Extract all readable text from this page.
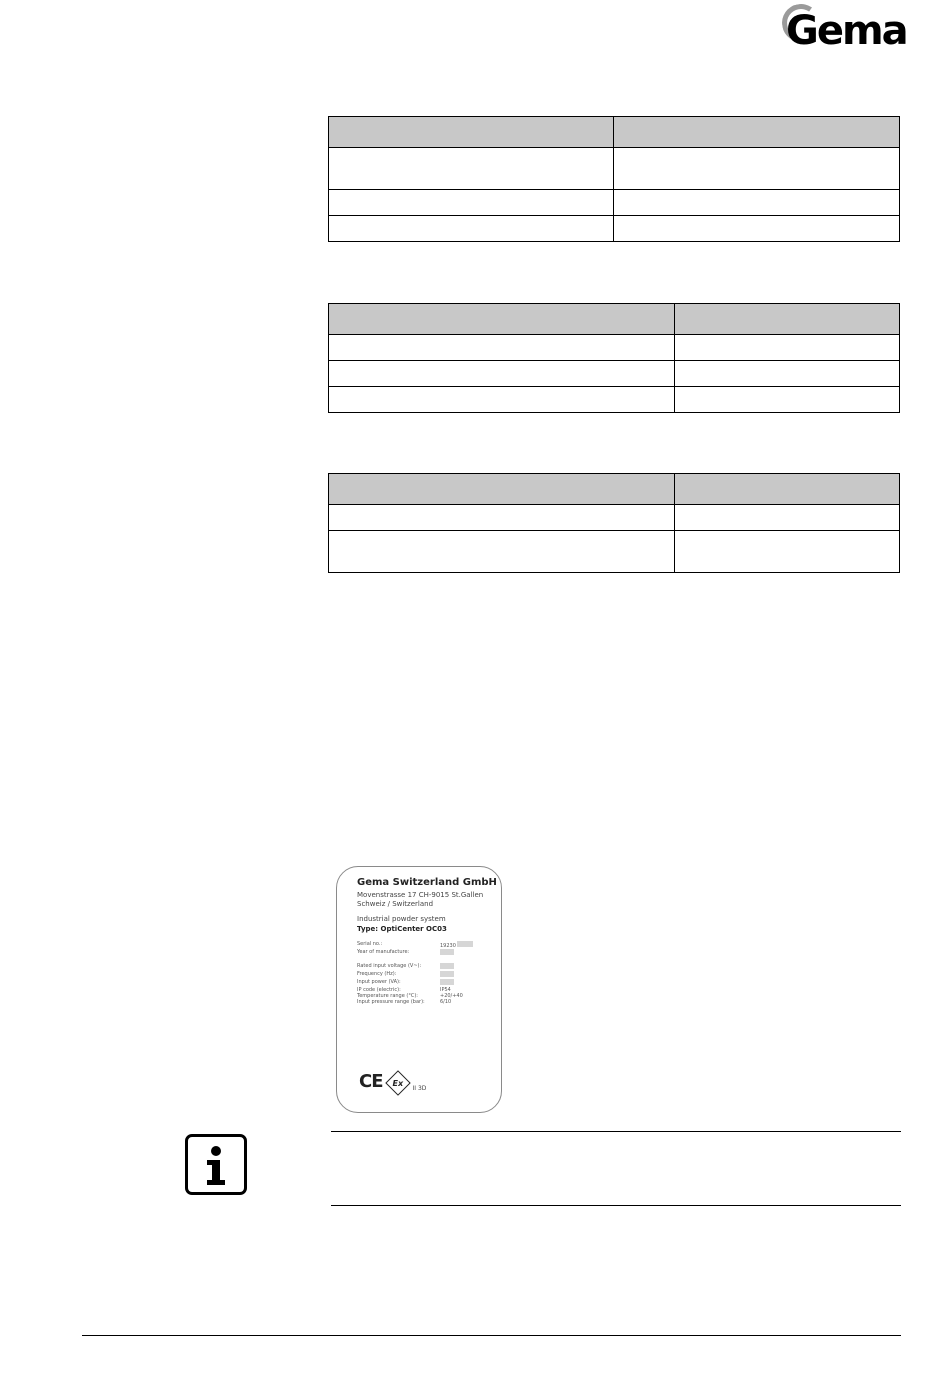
Gema

Gema Switzerland GmbH
Movenstrasse 17 CH-9015 St.Gallen
Schweiz / Switzerland
Industrial powder system
Type: OptiCenter OC03
Serial no.:	19230
Year of manufacture:
Rated input voltage (V~):
Frequency (Hz):
Input power (VA):
IP code (electric):	IP54
Temperature range (°C):	+20/+40
Input pressure range (bar):	6/10
CE Ex
II 3D
